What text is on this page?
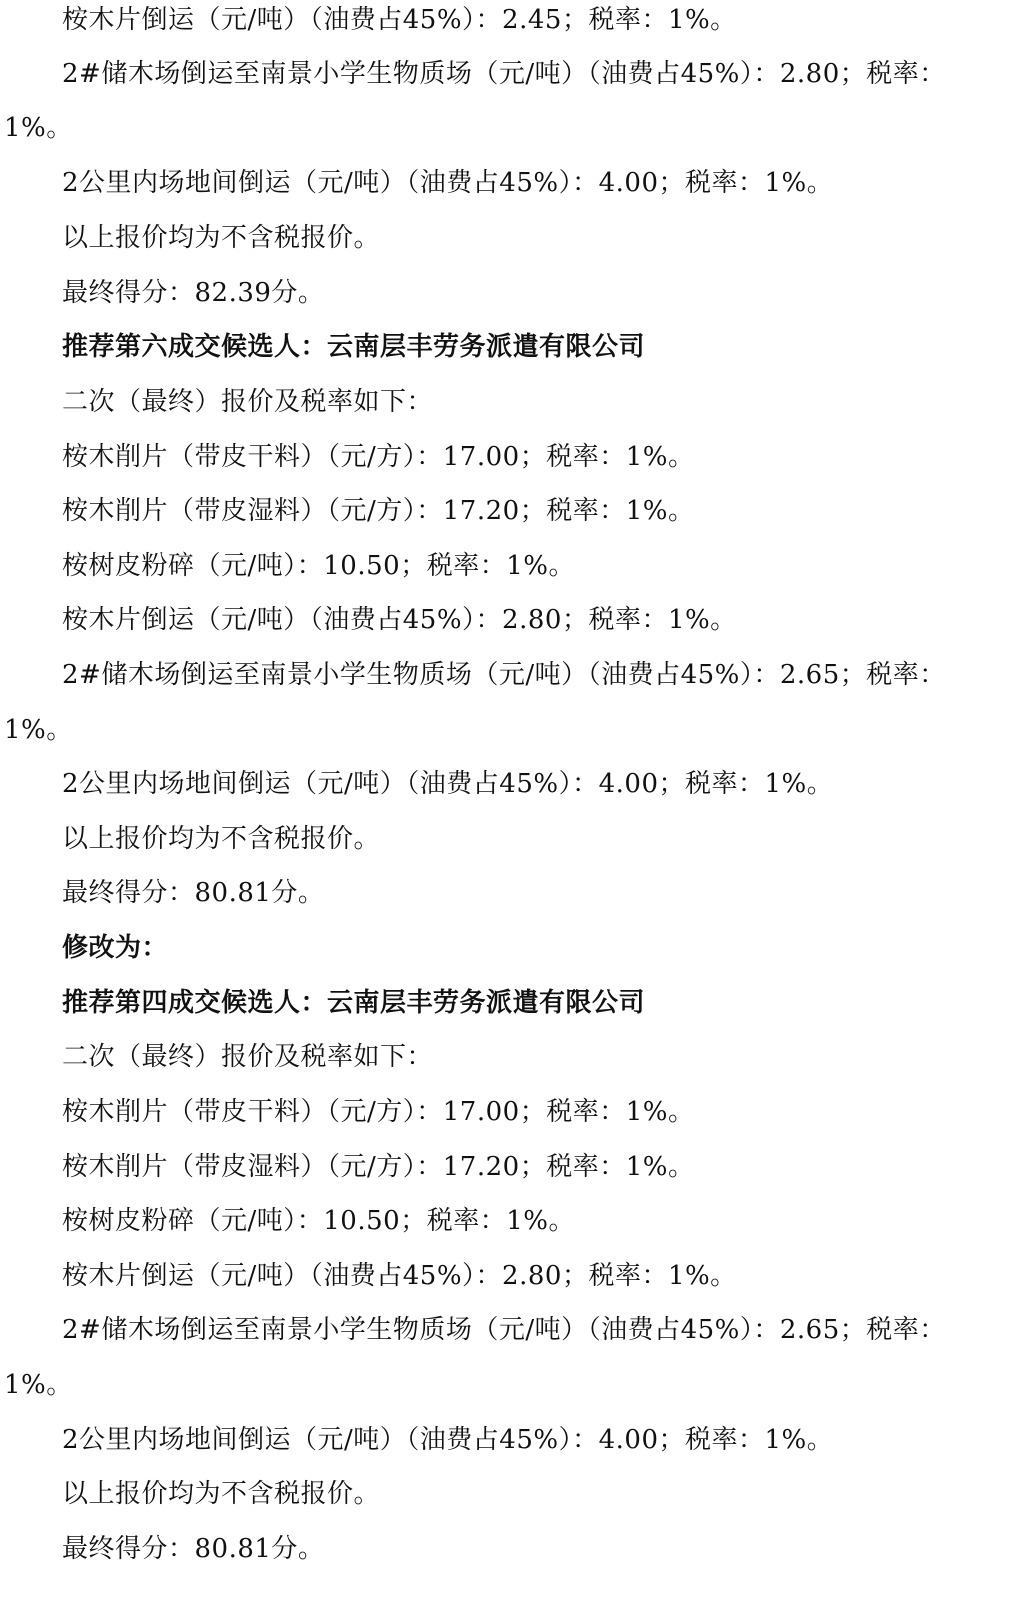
桉木片倒运（元/吨）（油费占45%）：2.45；税率：1%。
2#储木场倒运至南景小学生物质场（元/吨）（油费占45%）：2.80；税率：
1%。
2公里内场地间倒运（元/吨）（油费占45%）：4.00；税率：1%。
以上报价均为不含税报价。
最终得分：82.39分。
推荐第六成交候选人：云南层丰劳务派遣有限公司
二次（最终）报价及税率如下：
桉木削片（带皮干料）（元/方）：17.00；税率：1%。
桉木削片（带皮湿料）（元/方）：17.20；税率：1%。
桉树皮粉碎（元/吨）：10.50；税率：1%。
桉木片倒运（元/吨）（油费占45%）：2.80；税率：1%。
2#储木场倒运至南景小学生物质场（元/吨）（油费占45%）：2.65；税率：
1%。
2公里内场地间倒运（元/吨）（油费占45%）：4.00；税率：1%。
以上报价均为不含税报价。
最终得分：80.81分。
修改为：
推荐第四成交候选人：云南层丰劳务派遣有限公司
二次（最终）报价及税率如下：
桉木削片（带皮干料）（元/方）：17.00；税率：1%。
桉木削片（带皮湿料）（元/方）：17.20；税率：1%。
桉树皮粉碎（元/吨）：10.50；税率：1%。
桉木片倒运（元/吨）（油费占45%）：2.80；税率：1%。
2#储木场倒运至南景小学生物质场（元/吨）（油费占45%）：2.65；税率：
1%。
2公里内场地间倒运（元/吨）（油费占45%）：4.00；税率：1%。
以上报价均为不含税报价。
最终得分：80.81分。
